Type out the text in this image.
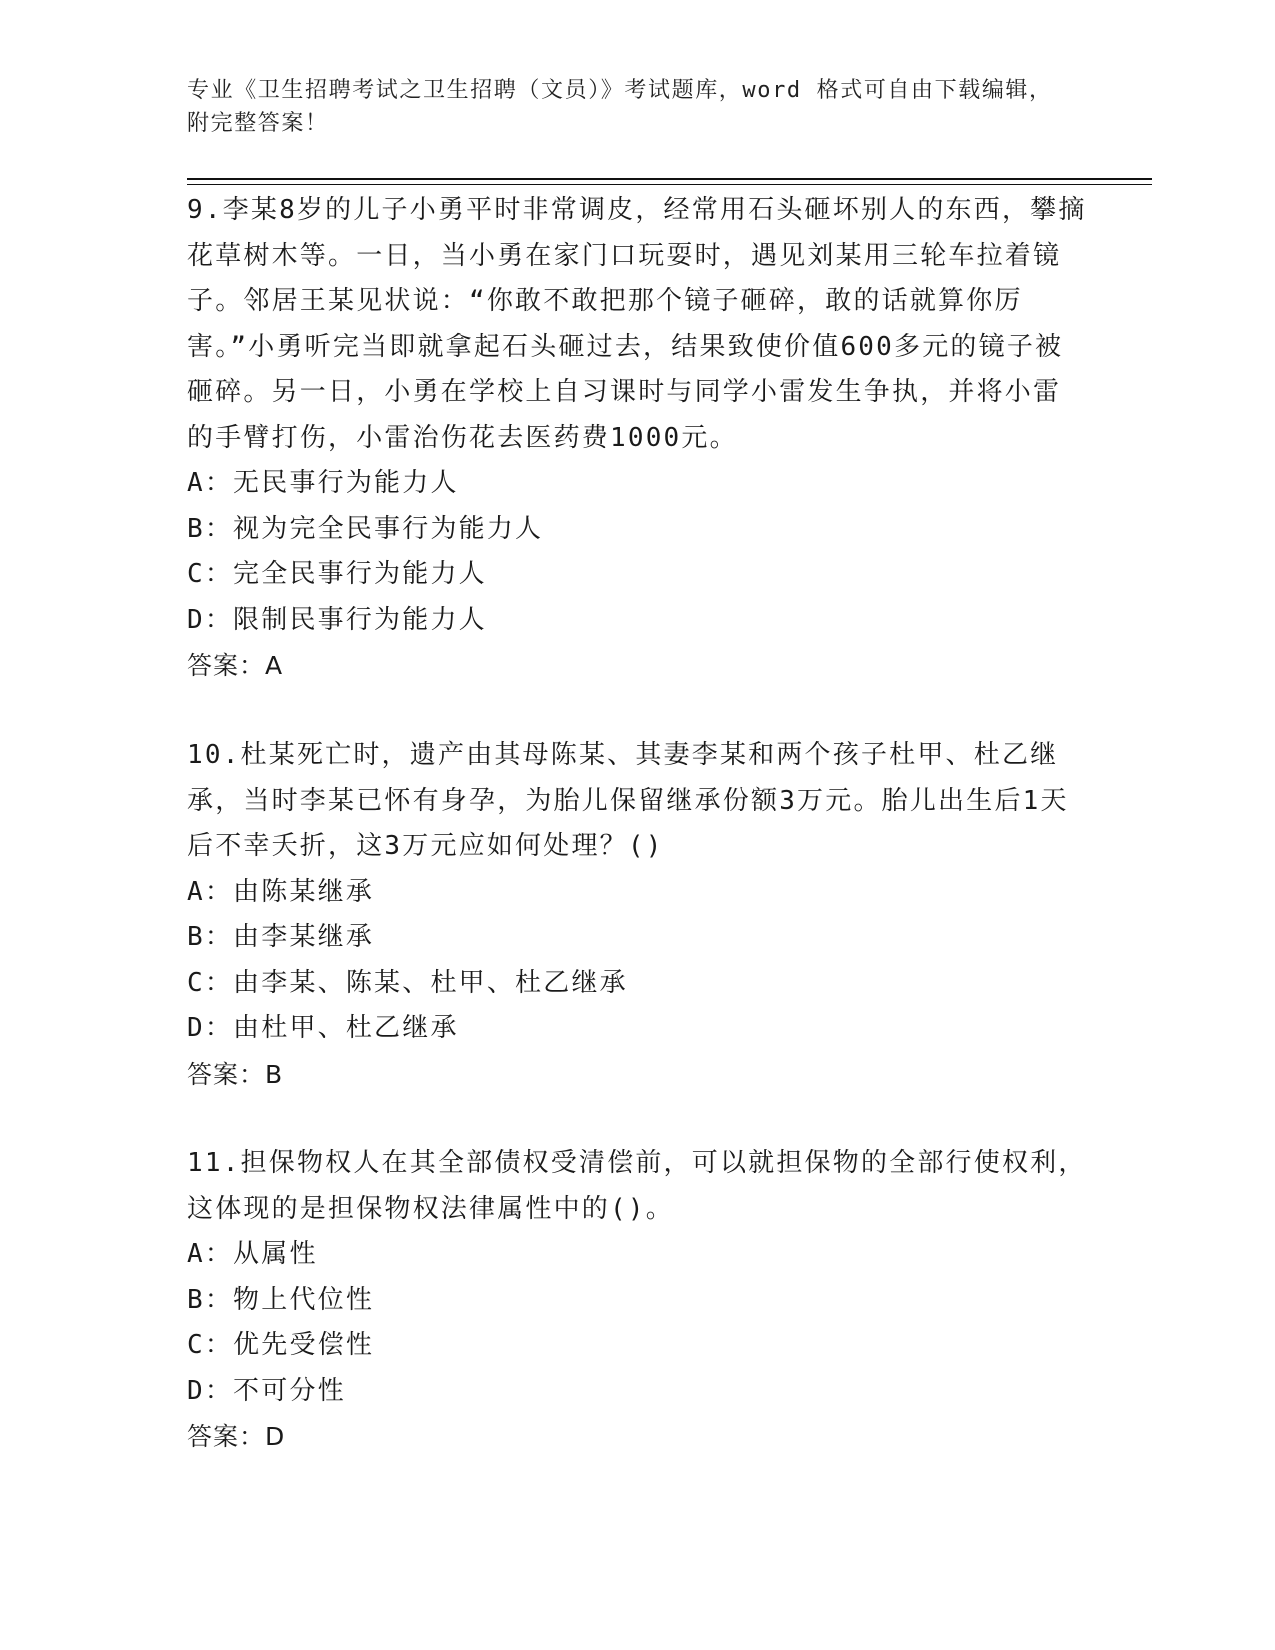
专业《卫生招聘考试之卫生招聘（文员）》考试题库，word 格式可自由下载编辑，附完整答案！

9.李某8岁的儿子小勇平时非常调皮，经常用石头砸坏别人的东西，攀摘花草树木等。一日，当小勇在家门口玩耍时，遇见刘某用三轮车拉着镜子。邻居王某见状说：“你敢不敢把那个镜子砸碎，敢的话就算你厉害。”小勇听完当即就拿起石头砸过去，结果致使价值600多元的镜子被砸碎。另一日，小勇在学校上自习课时与同学小雷发生争执，并将小雷的手臂打伤，小雷治伤花去医药费1000元。

A：无民事行为能力人

B：视为完全民事行为能力人

C：完全民事行为能力人

D：限制民事行为能力人

答案：A

10.杜某死亡时，遗产由其母陈某、其妻李某和两个孩子杜甲、杜乙继承，当时李某已怀有身孕，为胎儿保留继承份额3万元。胎儿出生后1天后不幸夭折，这3万元应如何处理？()

A：由陈某继承

B：由李某继承

C：由李某、陈某、杜甲、杜乙继承

D：由杜甲、杜乙继承

答案：B

11.担保物权人在其全部债权受清偿前，可以就担保物的全部行使权利，这体现的是担保物权法律属性中的()。

A：从属性

B：物上代位性

C：优先受偿性

D：不可分性

答案：D
